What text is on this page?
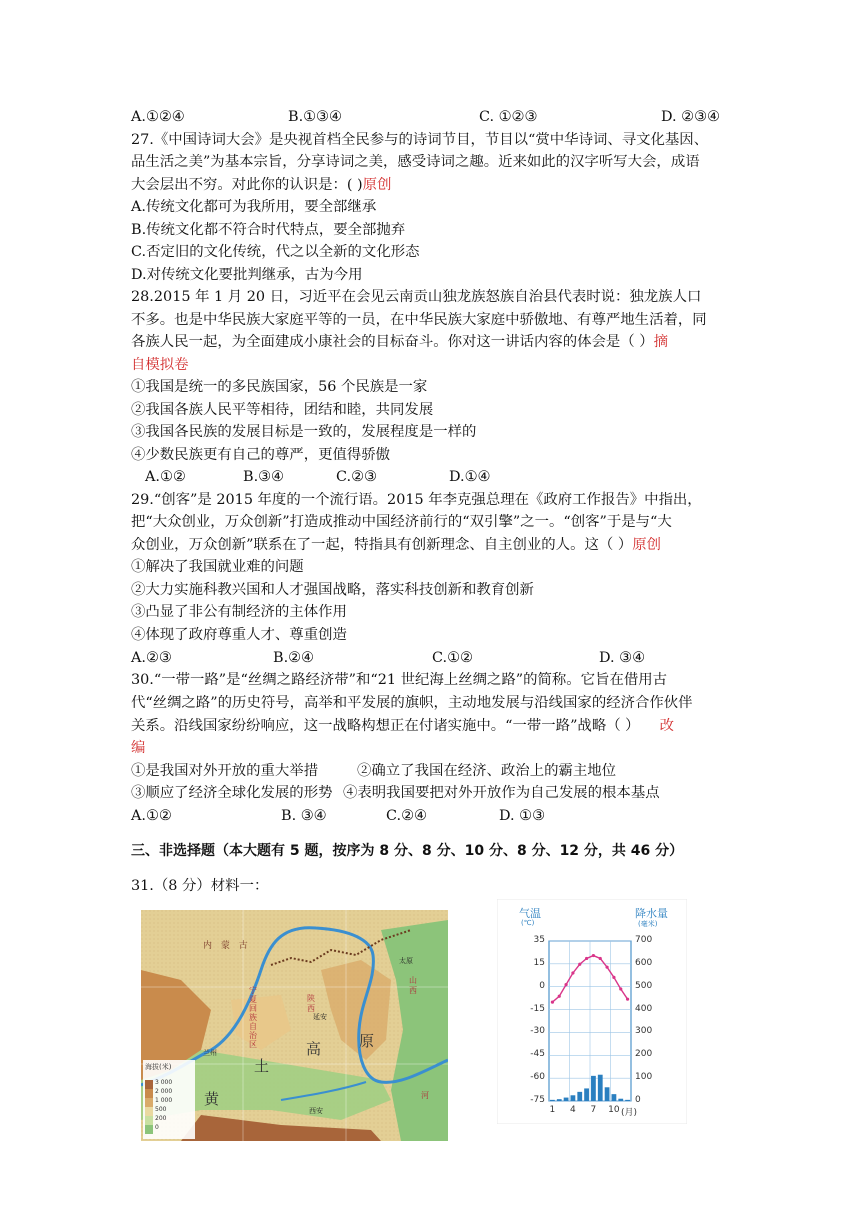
A.①②④	B.①③④	C. ①②③	D. ②③④
27.《中国诗词大会》是央视首档全民参与的诗词节目，节目以“赏中华诗词、寻文化基因、
品生活之美”为基本宗旨，分享诗词之美，感受诗词之趣。近来如此的汉字听写大会，成语
大会层出不穷。对此你的认识是：( )原创
A.传统文化都可为我所用，要全部继承
B.传统文化都不符合时代特点，要全部抛弃
C.否定旧的文化传统，代之以全新的文化形态
D.对传统文化要批判继承，古为今用
28.2015 年 1 月 20 日，习近平在会见云南贡山独龙族怒族自治县代表时说：独龙族人口
不多。也是中华民族大家庭平等的一员，在中华民族大家庭中骄傲地、有尊严地生活着，同
各族人民一起，为全面建成小康社会的目标奋斗。你对这一讲话内容的体会是（ ）摘
自模拟卷
①我国是统一的多民族国家，56 个民族是一家
②我国各族人民平等相待，团结和睦，共同发展
③我国各民族的发展目标是一致的，发展程度是一样的
④少数民族更有自己的尊严，更值得骄傲
A.①②	B.③④	C.②③	D.①④
29.“创客”是 2015 年度的一个流行语。2015 年李克强总理在《政府工作报告》中指出，
把“大众创业，万众创新”打造成推动中国经济前行的“双引擎”之一。“创客”于是与“大
众创业，万众创新”联系在了一起，特指具有创新理念、自主创业的人。这（ ）原创
①解决了我国就业难的问题
②大力实施科教兴国和人才强国战略，落实科技创新和教育创新
③凸显了非公有制经济的主体作用
④体现了政府尊重人才、尊重创造
A.②③	B.②④	C.①②	D. ③④
30.“一带一路”是“丝绸之路经济带”和“21 世纪海上丝绸之路”的简称。它旨在借用古
代“丝绸之路”的历史符号，高举和平发展的旗帜，主动地发展与沿线国家的经济合作伙伴
关系。沿线国家纷纷响应，这一战略构想正在付诸实施中。“一带一路”战略（ ） 改
编
①是我国对外开放的重大举措	②确立了我国在经济、政治上的霸主地位
③顺应了经济全球化发展的形势 ④表明我国要把对外开放作为自己发展的根本基点
A.①②	B. ③④	C.②④	D. ①③
三、非选择题（本大题有 5 题，按序为 8 分、8 分、10 分、8 分、12 分，共 46 分）
31.（8 分）材料一：
海拔(米)
3 000
2 000
1 000
500
200
0
内 蒙 古
宁夏回族自治区
黄
土
高	原
陕
西
山
西
太原
兰州
延安
西安
河
气温
(℃)
降水量
(毫米)
35
15
0
-15
-30
-45
-60
-75
700
600
500
400
300
200
100
0
1	4	7	10 (月)
